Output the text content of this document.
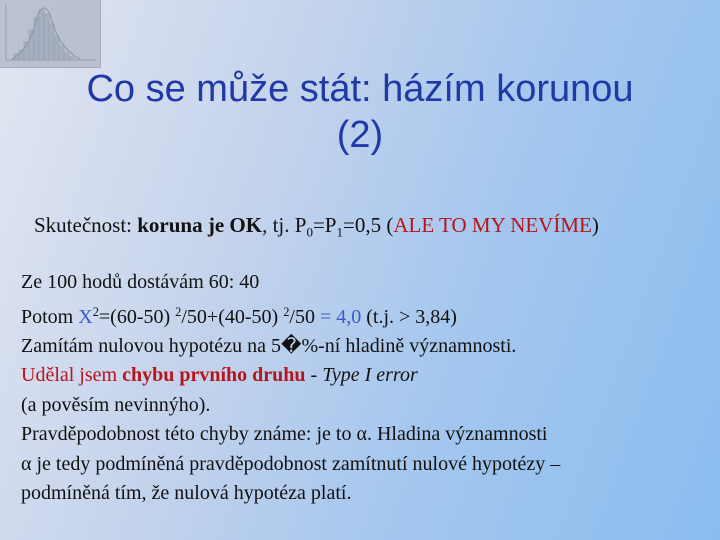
Co se může stát: házím korunou
(2)
Skutečnost: koruna je OK, tj. $P_0=P_1=0,5$ (ALE TO MY NEVÍME)
Ze 100 hodů dostávám 60: 40
Potom $X^2=(60-50)$ $^2$/50+(40-50) $^2$/50 = 4,0 (t.j. > 3,84)
Zamítám nulovou hypotézu na 5�%-ní hladině významnosti.
Udělal jsem chybu prvního druhu - Type I error
(a pověsím nevinnýho).
Pravděpodobnost této chyby známe: je to α. Hladina významnosti
α je tedy podmíněná pravděpodobnost zamítnutí nulové hypotézy –
podmíněná tím, že nulová hypotéza platí.
